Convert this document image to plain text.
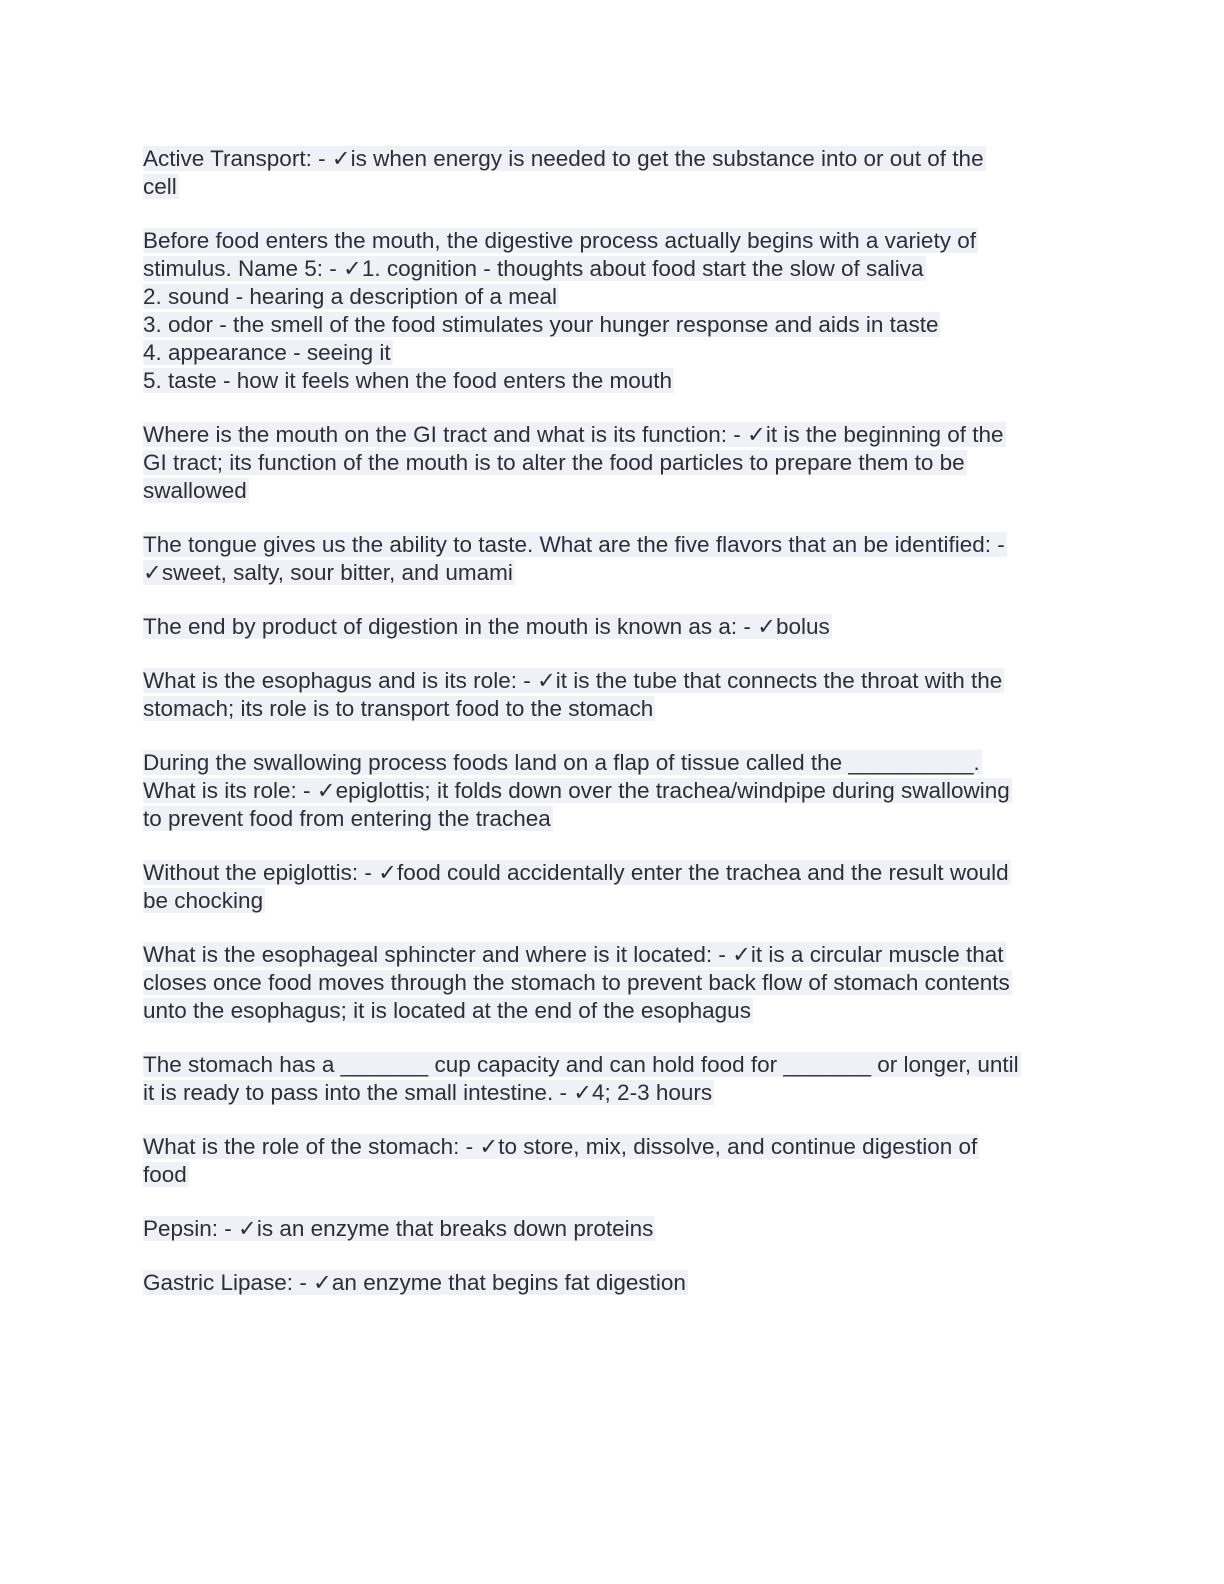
Active Transport: - ✓is when energy is needed to get the substance into or out of the
cell
Before food enters the mouth, the digestive process actually begins with a variety of
stimulus. Name 5: - ✓1. cognition - thoughts about food start the slow of saliva
2. sound - hearing a description of a meal
3. odor - the smell of the food stimulates your hunger response and aids in taste
4. appearance - seeing it
5. taste - how it feels when the food enters the mouth
Where is the mouth on the GI tract and what is its function: - ✓it is the beginning of the
GI tract; its function of the mouth is to alter the food particles to prepare them to be
swallowed
The tongue gives us the ability to taste. What are the five flavors that an be identified: -
✓sweet, salty, sour bitter, and umami
The end by product of digestion in the mouth is known as a: - ✓bolus
What is the esophagus and is its role: - ✓it is the tube that connects the throat with the
stomach; its role is to transport food to the stomach
During the swallowing process foods land on a flap of tissue called the __________.
What is its role: - ✓epiglottis; it folds down over the trachea/windpipe during swallowing
to prevent food from entering the trachea
Without the epiglottis: - ✓food could accidentally enter the trachea and the result would
be chocking
What is the esophageal sphincter and where is it located: - ✓it is a circular muscle that
closes once food moves through the stomach to prevent back flow of stomach contents
unto the esophagus; it is located at the end of the esophagus
The stomach has a _______ cup capacity and can hold food for _______ or longer, until
it is ready to pass into the small intestine. - ✓4; 2-3 hours
What is the role of the stomach: - ✓to store, mix, dissolve, and continue digestion of
food
Pepsin: - ✓is an enzyme that breaks down proteins
Gastric Lipase: - ✓an enzyme that begins fat digestion
